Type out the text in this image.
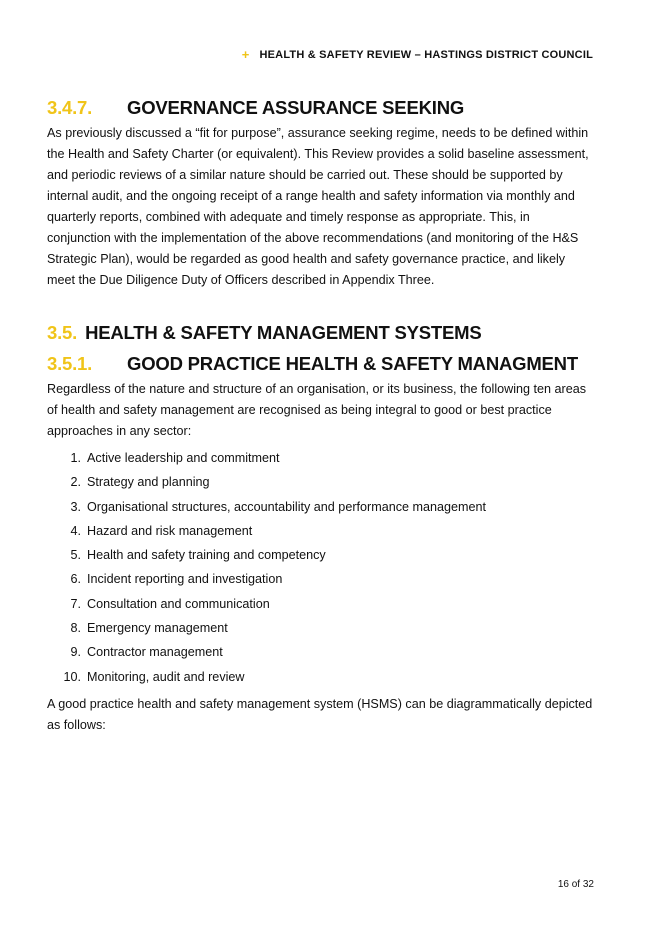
+ HEALTH & SAFETY REVIEW – HASTINGS DISTRICT COUNCIL
3.4.7.	GOVERNANCE ASSURANCE SEEKING

As previously discussed a “fit for purpose”, assurance seeking regime, needs to be defined within the Health and Safety Charter (or equivalent). This Review provides a solid baseline assessment, and periodic reviews of a similar nature should be carried out. These should be supported by internal audit, and the ongoing receipt of a range health and safety information via monthly and quarterly reports, combined with adequate and timely response as appropriate. This, in conjunction with the implementation of the above recommendations (and monitoring of the H&S Strategic Plan), would be regarded as good health and safety governance practice, and likely meet the Due Diligence Duty of Officers described in Appendix Three.

3.5. HEALTH & SAFETY MANAGEMENT SYSTEMS
3.5.1.	GOOD PRACTICE HEALTH & SAFETY MANAGMENT

Regardless of the nature and structure of an organisation, or its business, the following ten areas of health and safety management are recognised as being integral to good or best practice approaches in any sector:

1. Active leadership and commitment
2. Strategy and planning
3. Organisational structures, accountability and performance management
4. Hazard and risk management
5. Health and safety training and competency
6. Incident reporting and investigation
7. Consultation and communication
8. Emergency management
9. Contractor management
10. Monitoring, audit and review

A good practice health and safety management system (HSMS) can be diagrammatically depicted as follows:

16 of 32
